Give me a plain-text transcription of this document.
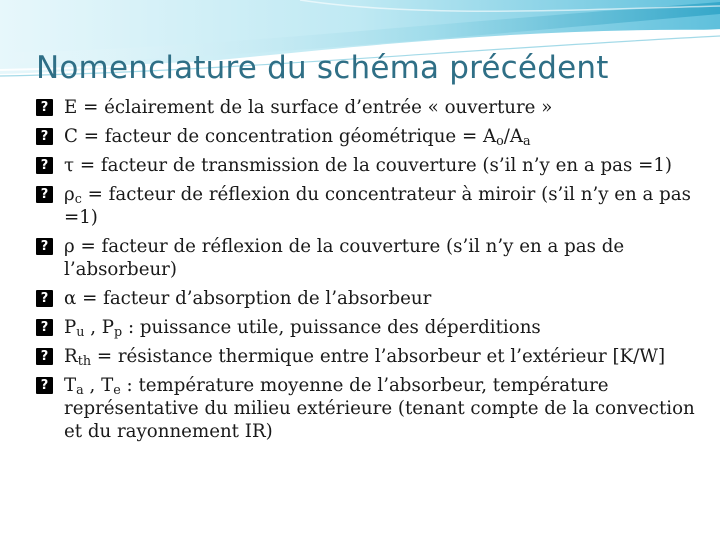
Nomenclature du schéma précédent
?
E = éclairement de la surface d’entrée « ouverture »
?
C = facteur de concentration géométrique = $A_o/A_a$
?
τ = facteur de transmission de la couverture (s’il n’y en a pas =1)
?
$\rho_c$ = facteur de réflexion du concentrateur à miroir (s’il n’y en a pas =1)
?
ρ = facteur de réflexion de la couverture (s’il n’y en a pas de l’absorbeur)
?
α = facteur d’absorption de l’absorbeur
?
$P_u$ , $P_p$ : puissance utile, puissance des déperditions
?
$R_{th}$ = résistance thermique entre l’absorbeur et l’extérieur [K/W]
?
$T_a$ , $T_e$ : température moyenne de l’absorbeur, température représentative du milieu extérieure (tenant compte de la convection et du rayonnement IR)
